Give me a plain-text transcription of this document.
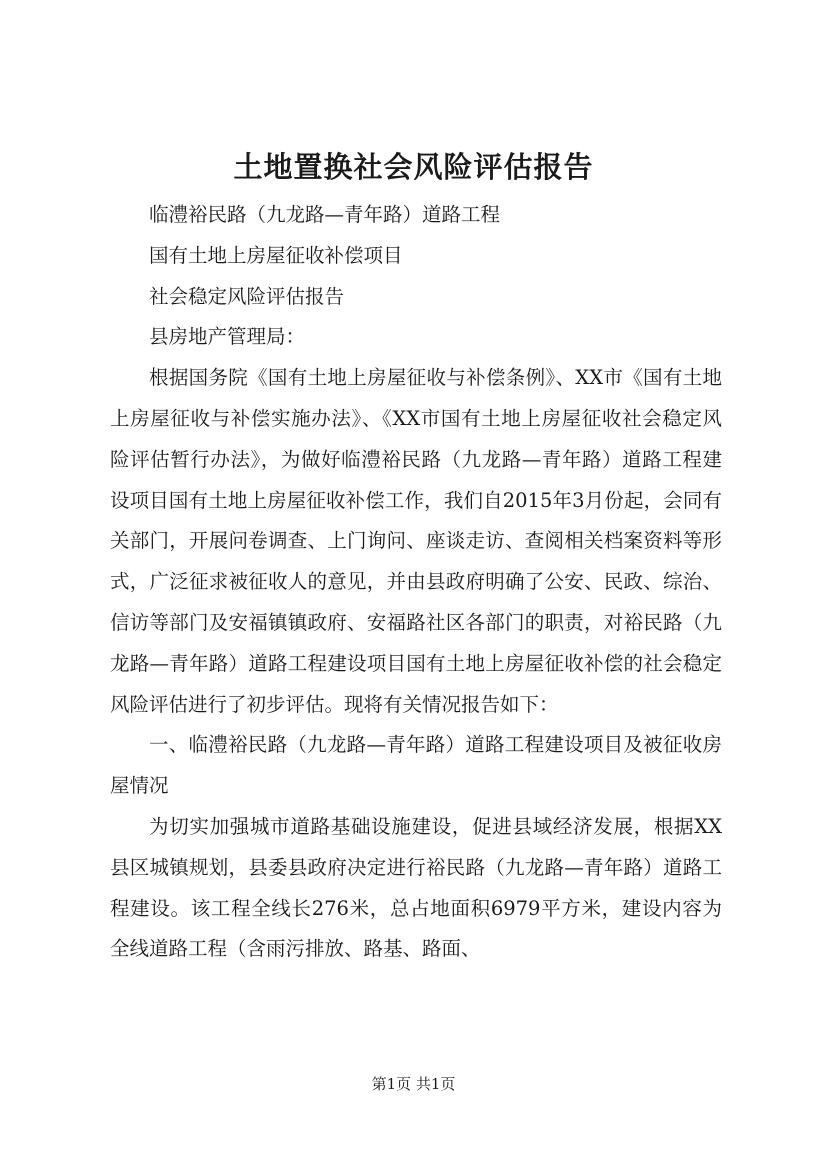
土地置换社会风险评估报告

临澧裕民路（九龙路—青年路）道路工程

国有土地上房屋征收补偿项目

社会稳定风险评估报告

县房地产管理局：

根据国务院《国有土地上房屋征收与补偿条例》、XX市《国有土地上房屋征收与补偿实施办法》、《XX市国有土地上房屋征收社会稳定风险评估暂行办法》，为做好临澧裕民路（九龙路—青年路）道路工程建设项目国有土地上房屋征收补偿工作，我们自2015年3月份起，会同有关部门，开展问卷调查、上门询问、座谈走访、查阅相关档案资料等形式，广泛征求被征收人的意见，并由县政府明确了公安、民政、综治、信访等部门及安福镇镇政府、安福路社区各部门的职责，对裕民路（九龙路—青年路）道路工程建设项目国有土地上房屋征收补偿的社会稳定风险评估进行了初步评估。现将有关情况报告如下：

一、临澧裕民路（九龙路—青年路）道路工程建设项目及被征收房屋情况

为切实加强城市道路基础设施建设，促进县域经济发展，根据XX县区城镇规划，县委县政府决定进行裕民路（九龙路—青年路）道路工程建设。该工程全线长276米，总占地面积6979平方米，建设内容为全线道路工程（含雨污排放、路基、路面、

第1页 共1页
